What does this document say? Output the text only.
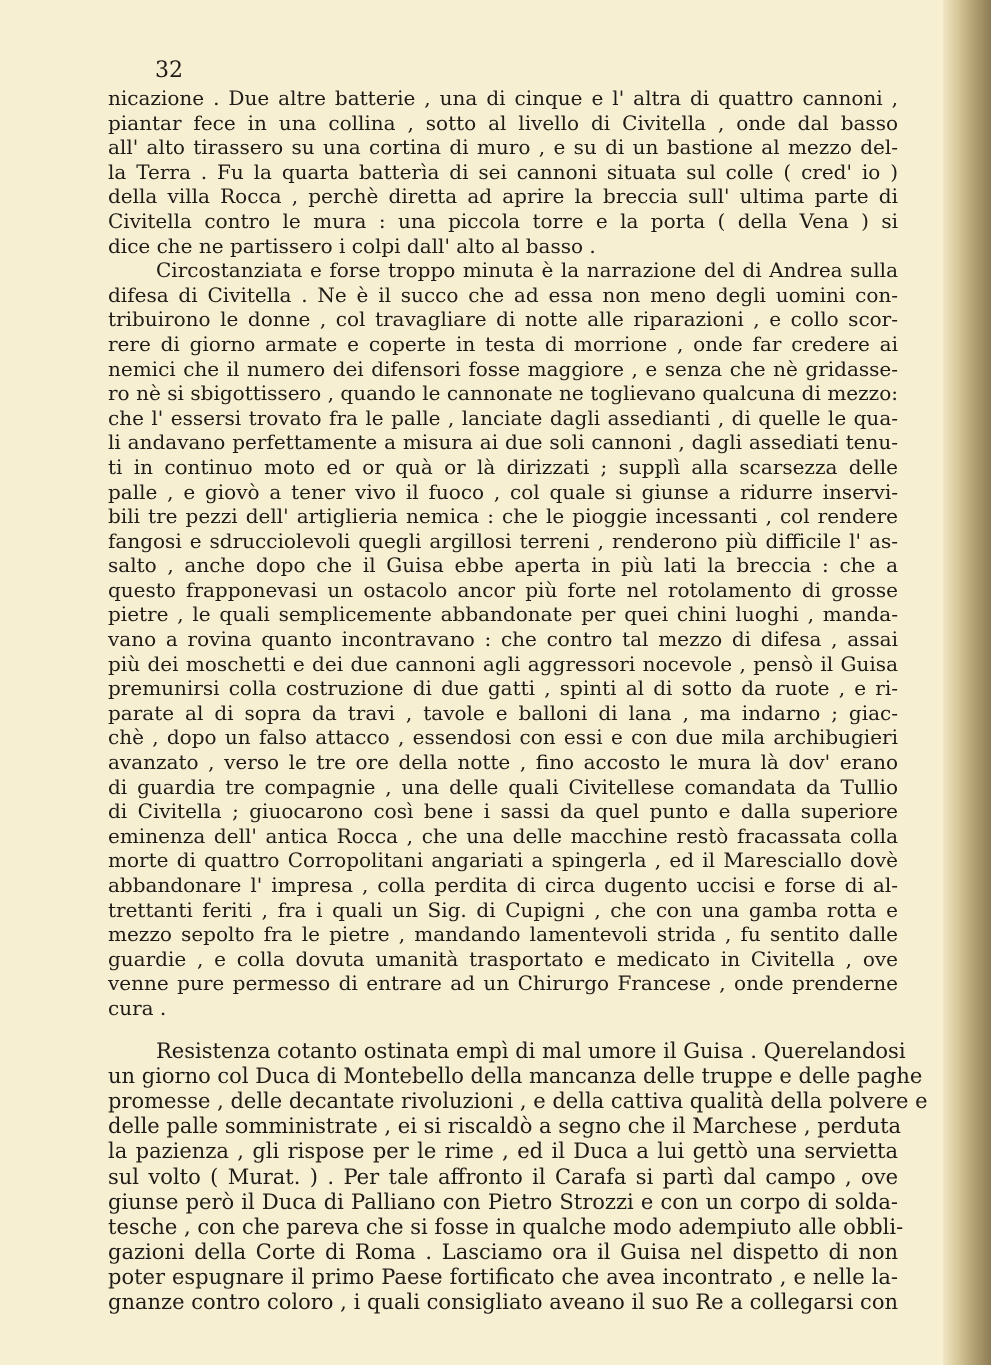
32
nicazione . Due altre batterie , una di cinque e l' altra di quattro cannoni ,
piantar fece in una collina , sotto al livello di Civitella , onde dal basso
all' alto tirassero su una cortina di muro , e su di un bastione al mezzo del-
la Terra . Fu la quarta batterìa di sei cannoni situata sul colle ( cred' io )
della villa Rocca , perchè diretta ad aprire la breccia sull' ultima parte di
Civitella contro le mura : una piccola torre e la porta ( della Vena ) si
dice che ne partissero i colpi dall' alto al basso .
Circostanziata e forse troppo minuta è la narrazione del di Andrea sulla
difesa di Civitella . Ne è il succo che ad essa non meno degli uomini con-
tribuirono le donne , col travagliare di notte alle riparazioni , e collo scor-
rere di giorno armate e coperte in testa di morrione , onde far credere ai
nemici che il numero dei difensori fosse maggiore , e senza che nè gridasse-
ro nè si sbigottissero , quando le cannonate ne toglievano qualcuna di mezzo:
che l' essersi trovato fra le palle , lanciate dagli assedianti , di quelle le qua-
li andavano perfettamente a misura ai due soli cannoni , dagli assediati tenu-
ti in continuo moto ed or quà or là dirizzati ; supplì alla scarsezza delle
palle , e giovò a tener vivo il fuoco , col quale si giunse a ridurre inservi-
bili tre pezzi dell' artiglieria nemica : che le pioggie incessanti , col rendere
fangosi e sdrucciolevoli quegli argillosi terreni , renderono più difficile l' as-
salto , anche dopo che il Guisa ebbe aperta in più lati la breccia : che a
questo frapponevasi un ostacolo ancor più forte nel rotolamento di grosse
pietre , le quali semplicemente abbandonate per quei chini luoghi , manda-
vano a rovina quanto incontravano : che contro tal mezzo di difesa , assai
più dei moschetti e dei due cannoni agli aggressori nocevole , pensò il Guisa
premunirsi colla costruzione di due gatti , spinti al di sotto da ruote , e ri-
parate al di sopra da travi , tavole e balloni di lana , ma indarno ; giac-
chè , dopo un falso attacco , essendosi con essi e con due mila archibugieri
avanzato , verso le tre ore della notte , fino accosto le mura là dov' erano
di guardia tre compagnie , una delle quali Civitellese comandata da Tullio
di Civitella ; giuocarono così bene i sassi da quel punto e dalla superiore
eminenza dell' antica Rocca , che una delle macchine restò fracassata colla
morte di quattro Corropolitani angariati a spingerla , ed il Maresciallo dovè
abbandonare l' impresa , colla perdita di circa dugento uccisi e forse di al-
trettanti feriti , fra i quali un Sig. di Cupigni , che con una gamba rotta e
mezzo sepolto fra le pietre , mandando lamentevoli strida , fu sentito dalle
guardie , e colla dovuta umanità trasportato e medicato in Civitella , ove
venne pure permesso di entrare ad un Chirurgo Francese , onde prenderne
cura .
Resistenza cotanto ostinata empì di mal umore il Guisa . Querelandosi
un giorno col Duca di Montebello della mancanza delle truppe e delle paghe
promesse , delle decantate rivoluzioni , e della cattiva qualità della polvere e
delle palle somministrate , ei si riscaldò a segno che il Marchese , perduta
la pazienza , gli rispose per le rime , ed il Duca a lui gettò una servietta
sul volto ( Murat. ) . Per tale affronto il Carafa si partì dal campo , ove
giunse però il Duca di Palliano con Pietro Strozzi e con un corpo di solda-
tesche , con che pareva che si fosse in qualche modo adempiuto alle obbli-
gazioni della Corte di Roma . Lasciamo ora il Guisa nel dispetto di non
poter espugnare il primo Paese fortificato che avea incontrato , e nelle la-
gnanze contro coloro , i quali consigliato aveano il suo Re a collegarsi con
